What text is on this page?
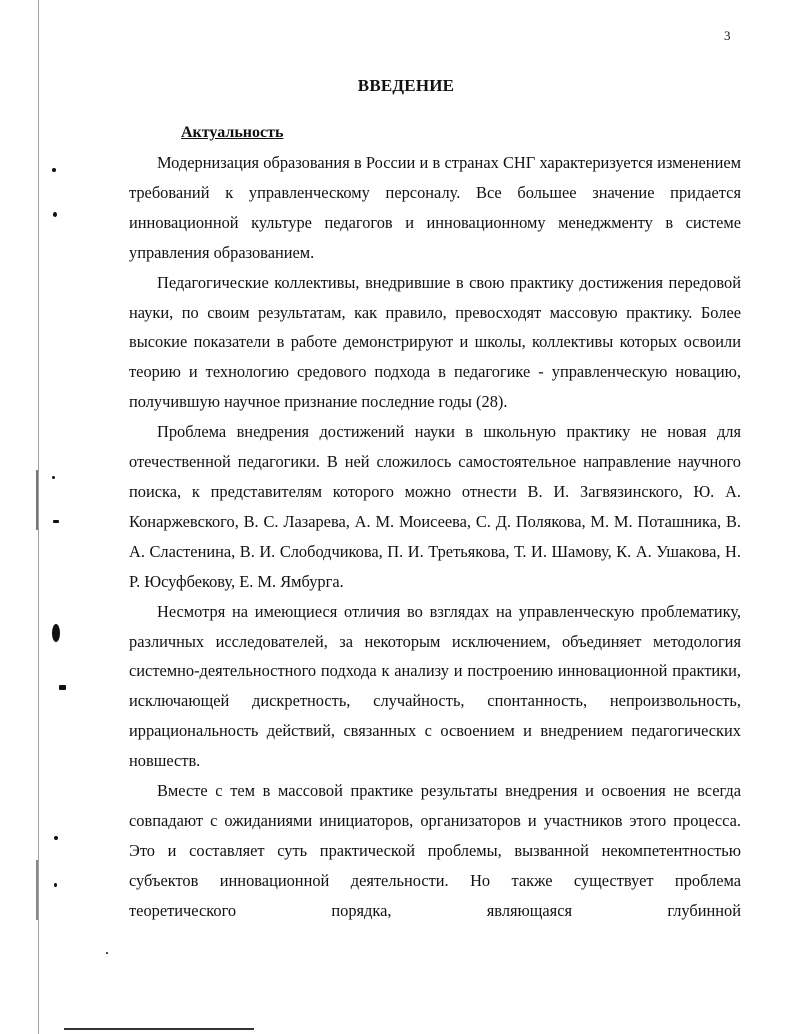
3
ВВЕДЕНИЕ
Актуальность

Модернизация образования в России и в странах СНГ характеризуется изменением требований к управленческому персоналу. Все большее значение придается инновационной культуре педагогов и инновационному менеджменту в системе управления образованием.

Педагогические коллективы, внедрившие в свою практику достижения передовой науки, по своим результатам, как правило, превосходят массовую практику. Более высокие показатели в работе демонстрируют и школы, коллективы которых освоили теорию и технологию средового подхода в педагогике - управленческую новацию, получившую научное признание последние годы (28).

Проблема внедрения достижений науки в школьную практику не новая для отечественной педагогики. В ней сложилось самостоятельное направление научного поиска, к представителям которого можно отнести В. И. Загвязинского, Ю. А. Конаржевского, В. С. Лазарева, А. М. Моисеева, С. Д. Полякова, М. М. Поташника, В. А. Сластенина, В. И. Слободчикова, П. И. Третьякова, Т. И. Шамову, К. А. Ушакова, Н. Р. Юсуфбекову, Е. М. Ямбурга.

Несмотря на имеющиеся отличия во взглядах на управленческую проблематику, различных исследователей, за некоторым исключением, объединяет методология системно-деятельностного подхода к анализу и построению инновационной практики, исключающей дискретность, случайность, спонтанность, непроизвольность, иррациональность действий, связанных с освоением и внедрением педагогических новшеств.

Вместе с тем в массовой практике результаты внедрения и освоения не всегда совпадают с ожиданиями инициаторов, организаторов и участников этого процесса. Это и составляет суть практической проблемы, вызванной некомпетентностью субъектов инновационной деятельности. Но также существует проблема теоретического порядка, являющаяся глубинной
